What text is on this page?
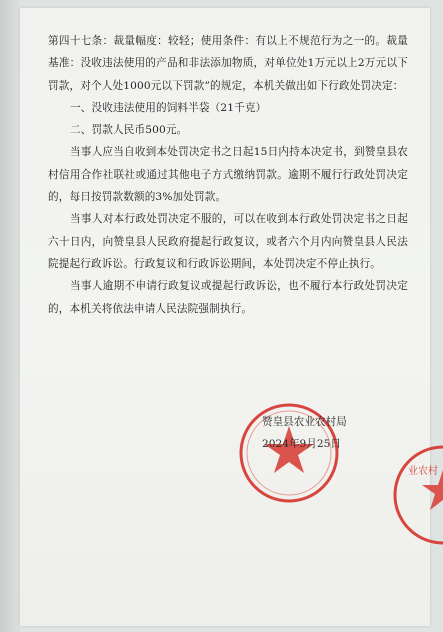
第四十七条：裁量幅度：较轻；使用条件：有以上不规范行为之一的。裁量基准：没收违法使用的产品和非法添加物质，对单位处1万元以上2万元以下罚款，对个人处1000元以下罚款”的规定，本机关做出如下行政处罚决定：

一、没收违法使用的饲料半袋（21千克）

二、罚款人民币500元。

当事人应当自收到本处罚决定书之日起15日内持本决定书，到赞皇县农村信用合作社联社或通过其他电子方式缴纳罚款。逾期不履行行政处罚决定的，每日按罚款数额的3%加处罚款。

当事人对本行政处罚决定不服的，可以在收到本行政处罚决定书之日起六十日内，向赞皇县人民政府提起行政复议，或者六个月内向赞皇县人民法院提起行政诉讼。行政复议和行政诉讼期间，本处罚决定不停止执行。

当事人逾期不申请行政复议或提起行政诉讼，也不履行本行政处罚决定的，本机关将依法申请人民法院强制执行。

业农村
赞皇县农业农村局
2024年9月25日
